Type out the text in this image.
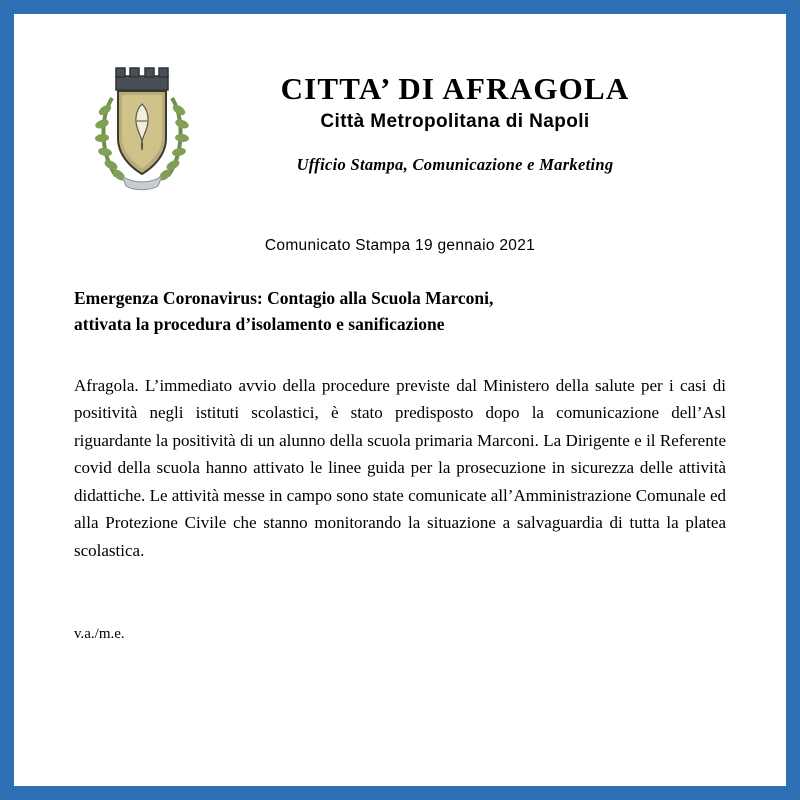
CITTA’ DI AFRAGOLA
Città Metropolitana di Napoli
Ufficio Stampa, Comunicazione e Marketing
Comunicato Stampa 19 gennaio 2021
Emergenza Coronavirus: Contagio alla Scuola Marconi,
attivata la procedura d’isolamento e sanificazione
Afragola. L’immediato avvio della procedure previste dal Ministero della salute per i casi di positività negli istituti scolastici, è stato predisposto dopo la comunicazione dell’Asl riguardante la positività di un alunno della scuola primaria Marconi. La Dirigente e il Referente covid della scuola hanno attivato le linee guida per la prosecuzione in sicurezza delle attività didattiche. Le attività messe in campo sono state comunicate all’Amministrazione Comunale ed alla Protezione Civile che stanno monitorando la situazione a salvaguardia di tutta la platea scolastica.
v.a./m.e.
